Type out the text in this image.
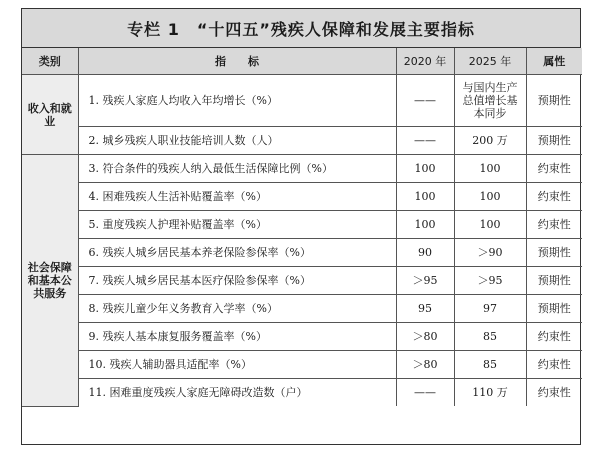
专栏 1　“十四五”残疾人保障和发展主要指标
类别	指　　标	2020 年	2025 年	属性
收入和就业	1. 残疾人家庭人均收入年均增长（%）	——	与国内生产总值增长基本同步	预期性
	2. 城乡残疾人职业技能培训人数（人）	——	200 万	预期性
社会保障和基本公共服务	3. 符合条件的残疾人纳入最低生活保障比例（%）	100	100	约束性
	4. 困难残疾人生活补贴覆盖率（%）	100	100	约束性
	5. 重度残疾人护理补贴覆盖率（%）	100	100	约束性
	6. 残疾人城乡居民基本养老保险参保率（%）	90	＞90	预期性
	7. 残疾人城乡居民基本医疗保险参保率（%）	＞95	＞95	预期性
	8. 残疾儿童少年义务教育入学率（%）	95	97	预期性
	9. 残疾人基本康复服务覆盖率（%）	＞80	85	约束性
	10. 残疾人辅助器具适配率（%）	＞80	85	约束性
	11. 困难重度残疾人家庭无障碍改造数（户）	——	110 万	约束性
